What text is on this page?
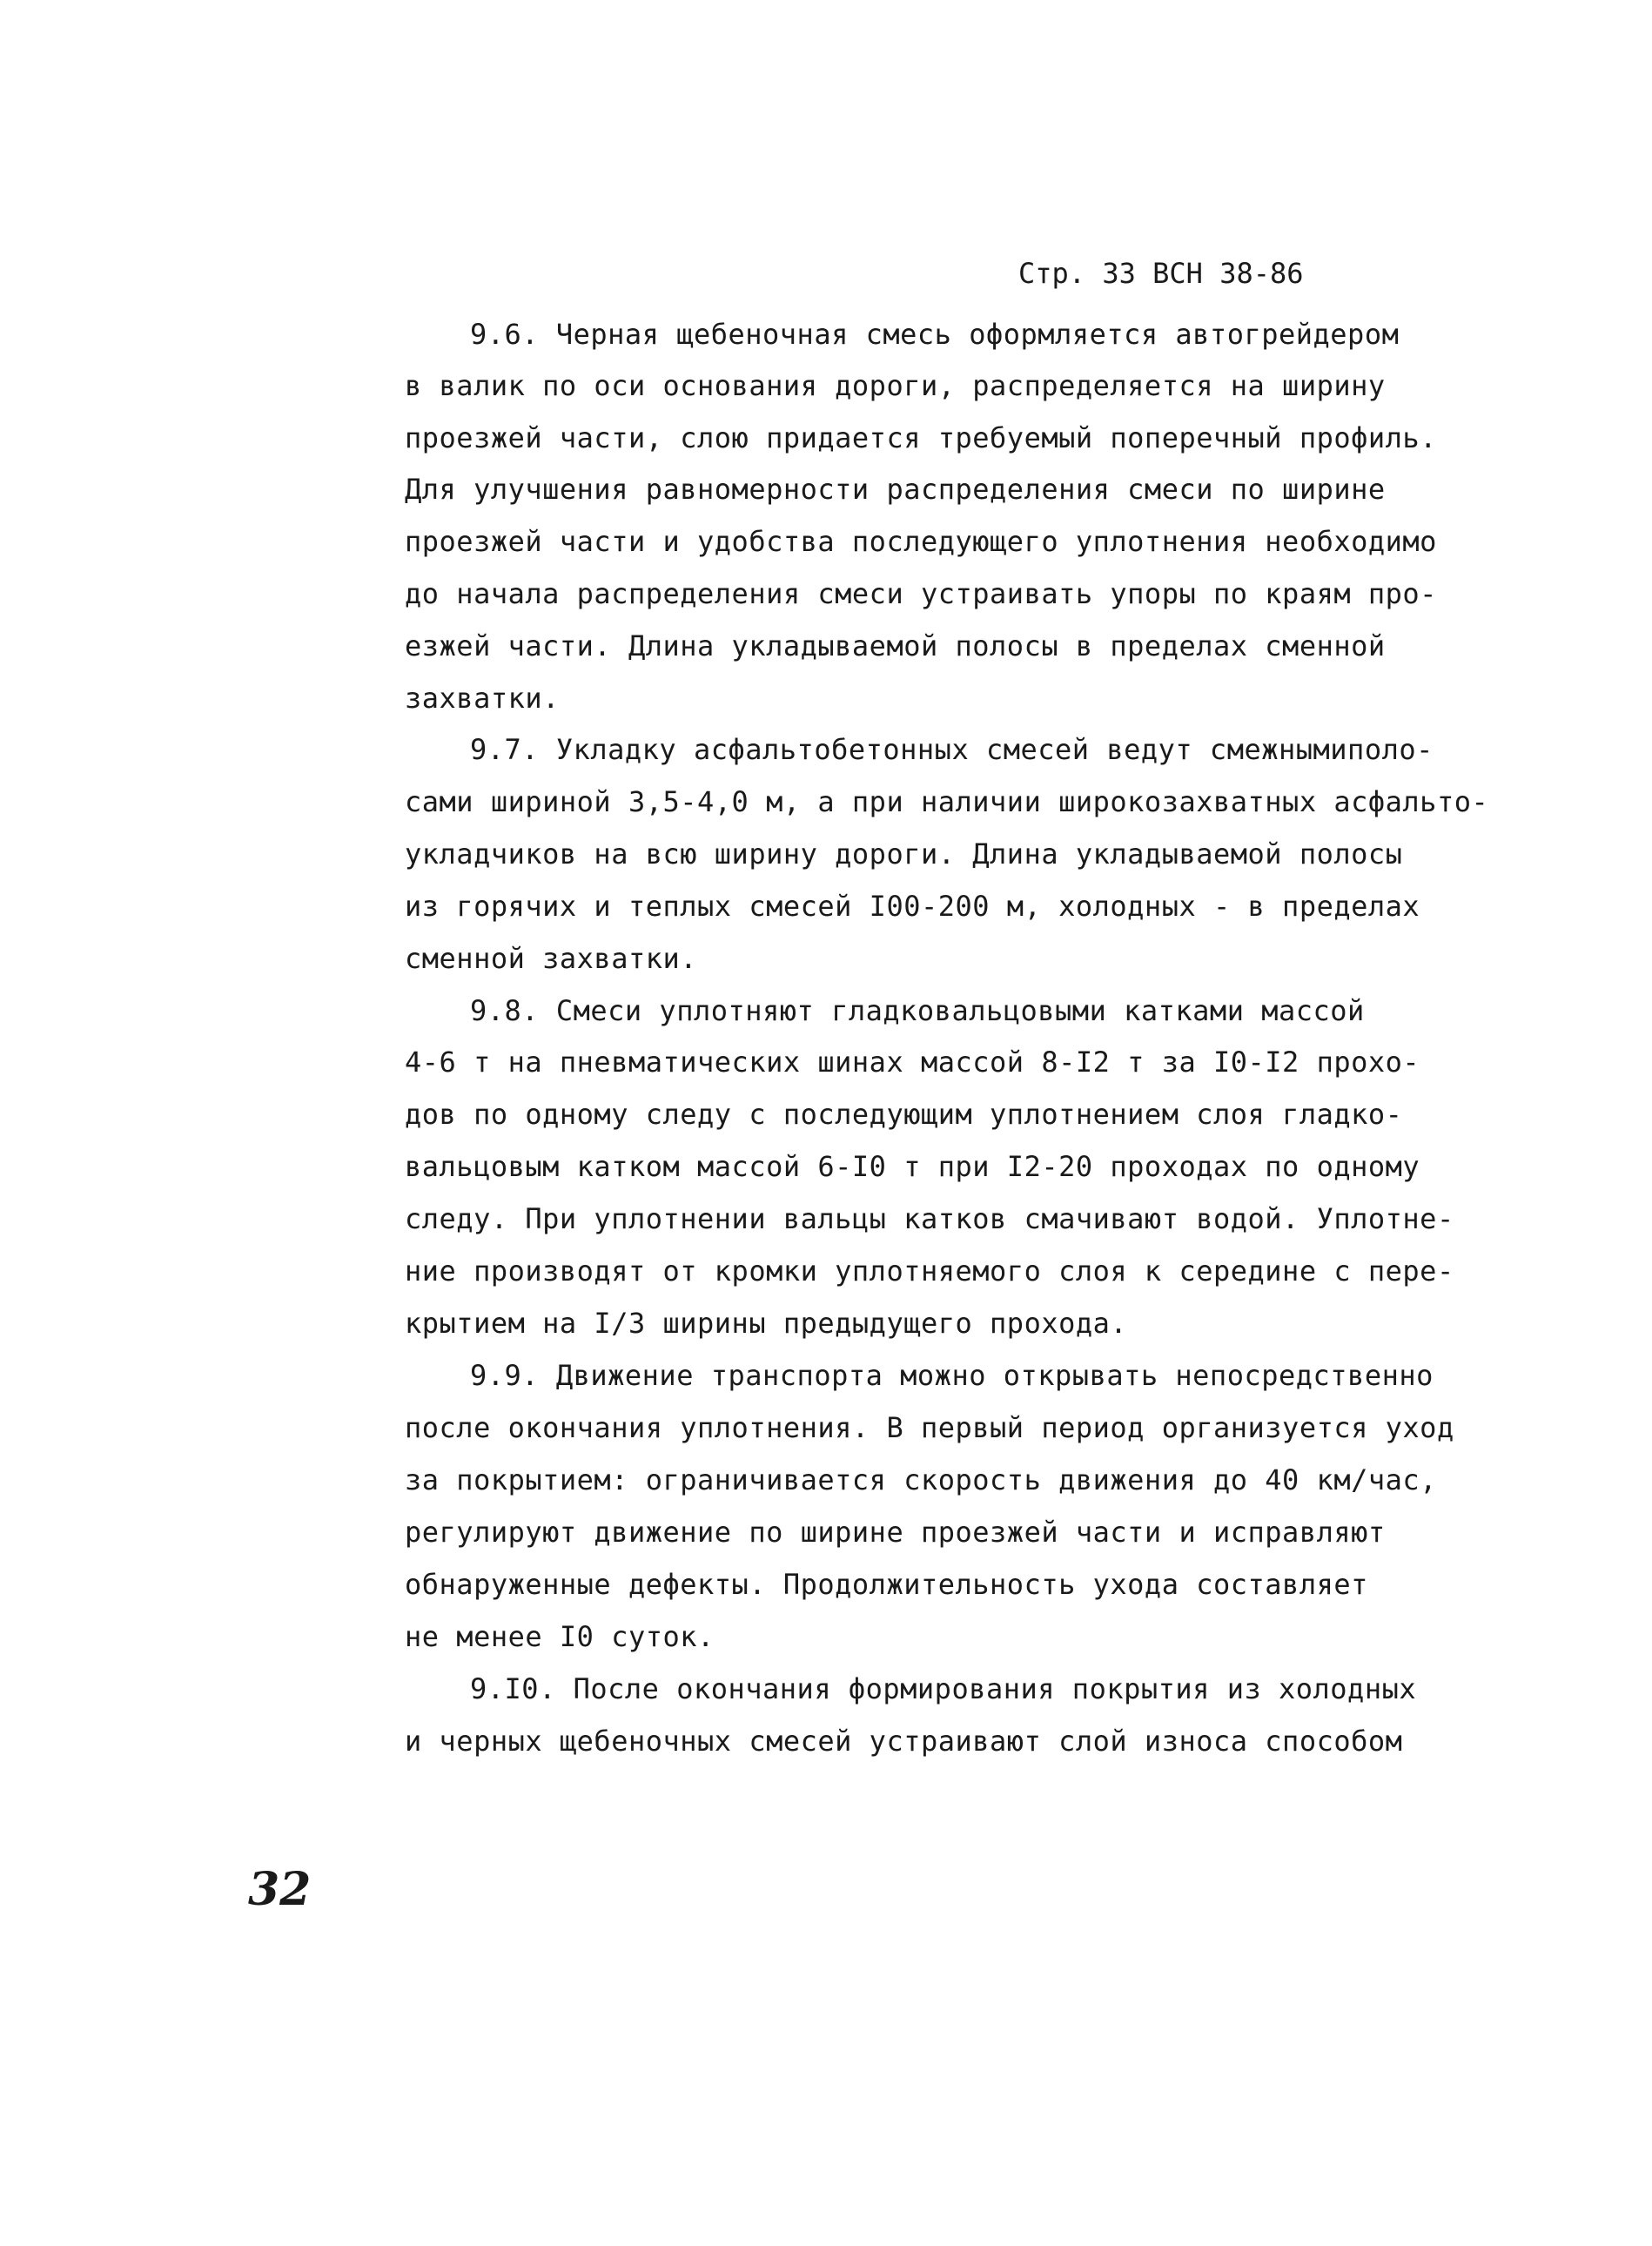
Стр. 33 ВСН 38-86
9.6. Черная щебеночная смесь оформляется автогрейдером
в валик по оси основания дороги, распределяется на ширину
проезжей части, слою придается требуемый поперечный профиль.
Для улучшения равномерности распределения смеси по ширине
проезжей части и удобства последующего уплотнения необходимо
до начала распределения смеси устраивать упоры по краям про-
езжей части. Длина укладываемой полосы в пределах сменной
захватки.
9.7. Укладку асфальтобетонных смесей ведут смежнымиполо-
сами шириной 3,5-4,0 м, а при наличии широкозахватных асфальто-
укладчиков на всю ширину дороги. Длина укладываемой полосы
из горячих и теплых смесей I00-200 м, холодных - в пределах
сменной захватки.
9.8. Смеси уплотняют гладковальцовыми катками массой
4-6 т на пневматических шинах массой 8-I2 т за I0-I2 прохо-
дов по одному следу с последующим уплотнением слоя гладко-
вальцовым катком массой 6-I0 т при I2-20 проходах по одному
следу. При уплотнении вальцы катков смачивают водой. Уплотне-
ние производят от кромки уплотняемого слоя к середине с пере-
крытием на I/3 ширины предыдущего прохода.
9.9. Движение транспорта можно открывать непосредственно
после окончания уплотнения. В первый период организуется уход
за покрытием: ограничивается скорость движения до 40 км/час,
регулируют движение по ширине проезжей части и исправляют
обнаруженные дефекты. Продолжительность ухода составляет
не менее I0 суток.
9.I0. После окончания формирования покрытия из холодных
и черных щебеночных смесей устраивают слой износа способом
32
